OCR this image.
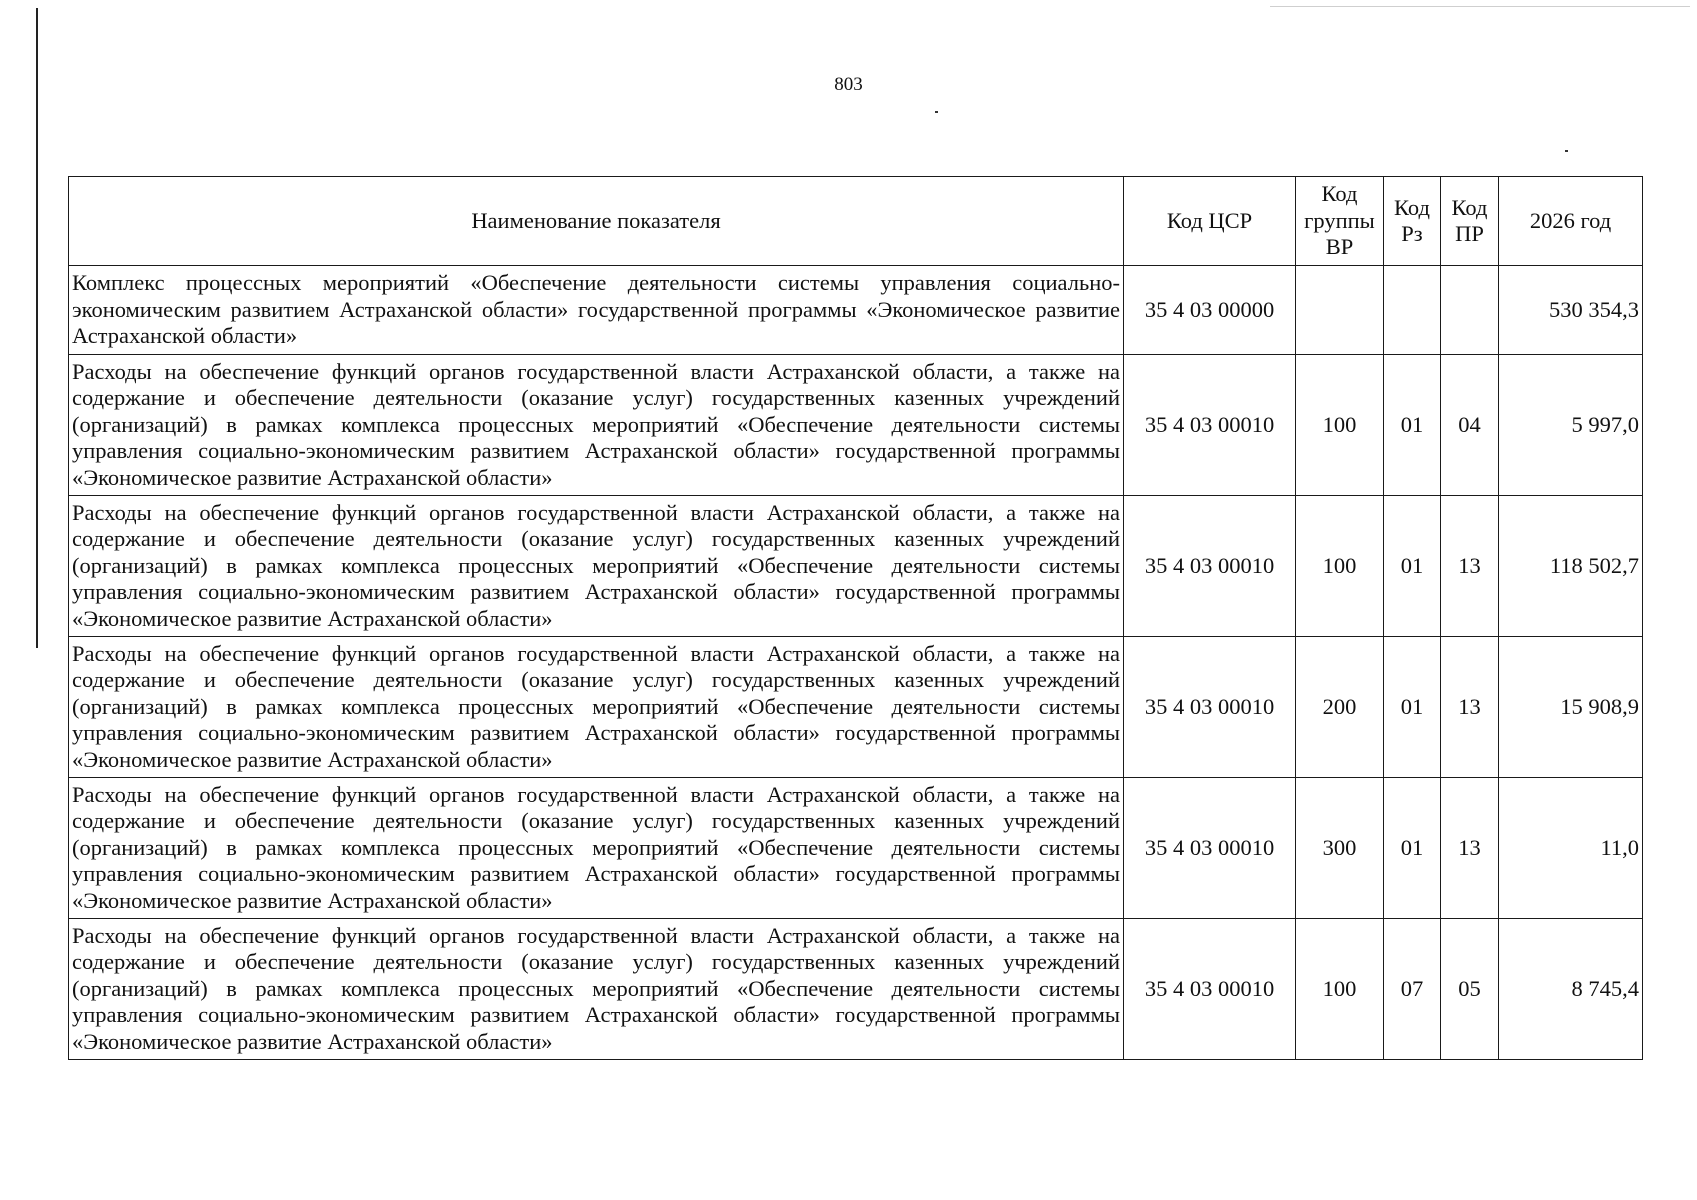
803
Наименование показателя	Код ЦСР	Код группы ВР	Код Рз	Код ПР	2026 год
Комплекс процессных мероприятий «Обеспечение деятельности системы управления социально-экономическим развитием Астраханской области» государственной программы «Экономическое развитие Астраханской области»	35 4 03 00000				530 354,3
Расходы на обеспечение функций органов государственной власти Астраханской области, а также на содержание и обеспечение деятельности (оказание услуг) государственных казенных учреждений (организаций) в рамках комплекса процессных мероприятий «Обеспечение деятельности системы управления социально-экономическим развитием Астраханской области» государственной программы «Экономическое развитие Астраханской области»	35 4 03 00010	100	01	04	5 997,0
Расходы на обеспечение функций органов государственной власти Астраханской области, а также на содержание и обеспечение деятельности (оказание услуг) государственных казенных учреждений (организаций) в рамках комплекса процессных мероприятий «Обеспечение деятельности системы управления социально-экономическим развитием Астраханской области» государственной программы «Экономическое развитие Астраханской области»	35 4 03 00010	100	01	13	118 502,7
Расходы на обеспечение функций органов государственной власти Астраханской области, а также на содержание и обеспечение деятельности (оказание услуг) государственных казенных учреждений (организаций) в рамках комплекса процессных мероприятий «Обеспечение деятельности системы управления социально-экономическим развитием Астраханской области» государственной программы «Экономическое развитие Астраханской области»	35 4 03 00010	200	01	13	15 908,9
Расходы на обеспечение функций органов государственной власти Астраханской области, а также на содержание и обеспечение деятельности (оказание услуг) государственных казенных учреждений (организаций) в рамках комплекса процессных мероприятий «Обеспечение деятельности системы управления социально-экономическим развитием Астраханской области» государственной программы «Экономическое развитие Астраханской области»	35 4 03 00010	300	01	13	11,0
Расходы на обеспечение функций органов государственной власти Астраханской области, а также на содержание и обеспечение деятельности (оказание услуг) государственных казенных учреждений (организаций) в рамках комплекса процессных мероприятий «Обеспечение деятельности системы управления социально-экономическим развитием Астраханской области» государственной программы «Экономическое развитие Астраханской области»	35 4 03 00010	100	07	05	8 745,4
